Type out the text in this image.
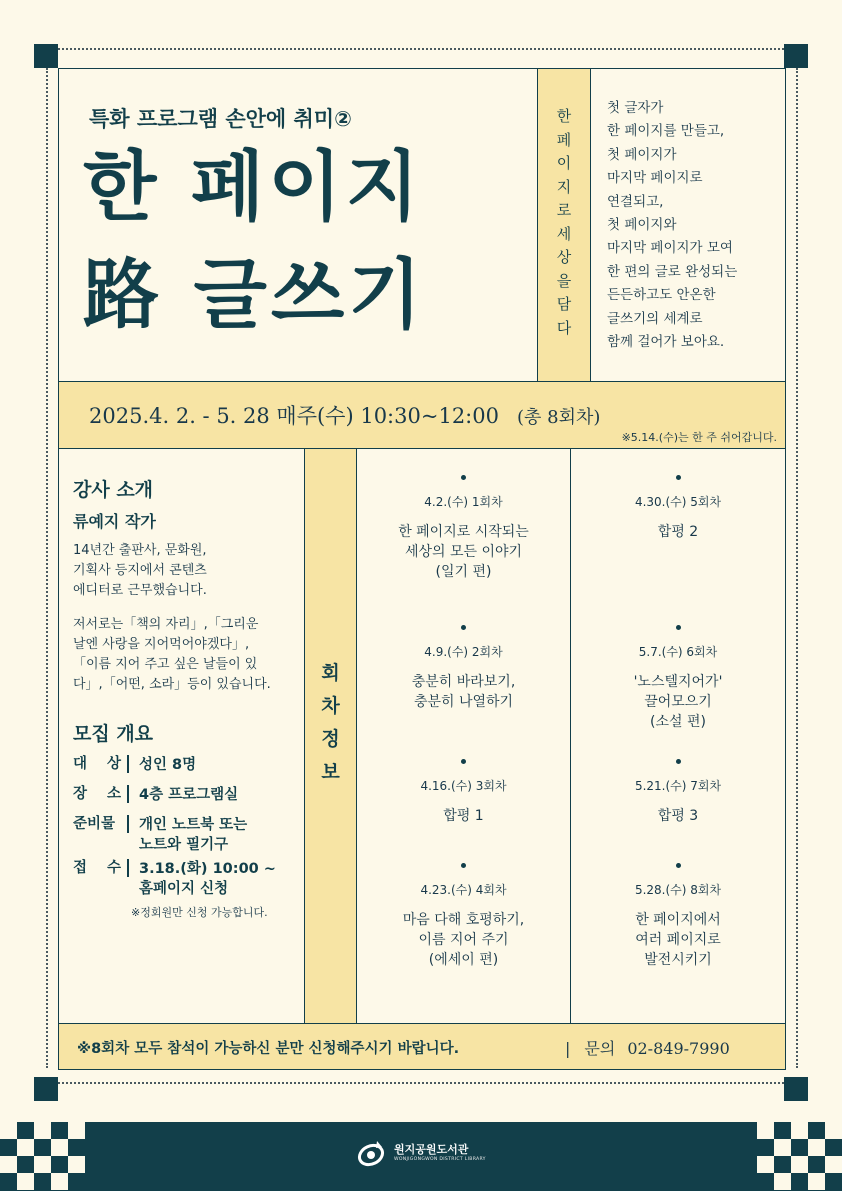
특화 프로그램 손안에 취미②
한 페이지
路 글쓰기
한
페
이
지
로
세
상
을
담
다
첫 글자가
한 페이지를 만들고,
첫 페이지가
마지막 페이지로
연결되고,
첫 페이지와
마지막 페이지가 모여
한 편의 글로 완성되는
든든하고도 안온한
글쓰기의 세계로
함께 걸어가 보아요.
2025.4. 2. - 5. 28 매주(수) 10:30~12:00 (총 8회차)
※5.14.(수)는 한 주 쉬어갑니다.
강사 소개
류예지 작가
14년간 출판사, 문화원,
기획사 등지에서 콘텐츠
에디터로 근무했습니다.
저서로는「책의 자리」,「그리운
날엔 사랑을 지어먹어야겠다」,
「이름 지어 주고 싶은 날들이 있
다」,「어떤, 소라」등이 있습니다.
모집 개요
대 상 성인 8명
장 소 4층 프로그램실
준비물 개인 노트북 또는
노트와 필기구
접 수 3.18.(화) 10:00 ~
홈페이지 신청
※정회원만 신청 가능합니다.
회
차
정
보
4.2.(수) 1회차
한 페이지로 시작되는
세상의 모든 이야기
(일기 편)
4.9.(수) 2회차
충분히 바라보기,
충분히 나열하기
4.16.(수) 3회차
합평 1
4.23.(수) 4회차
마음 다해 호평하기,
이름 지어 주기
(에세이 편)
4.30.(수) 5회차
합평 2
5.7.(수) 6회차
'노스텔지어가'
끌어모으기
(소설 편)
5.21.(수) 7회차
합평 3
5.28.(수) 8회차
한 페이지에서
여러 페이지로
발전시키기
※8회차 모두 참석이 가능하신 분만 신청해주시기 바랍니다.	| 문의 02-849-7990
원지공원도서관
WONJIGONGWON DISTRICT LIBRARY
